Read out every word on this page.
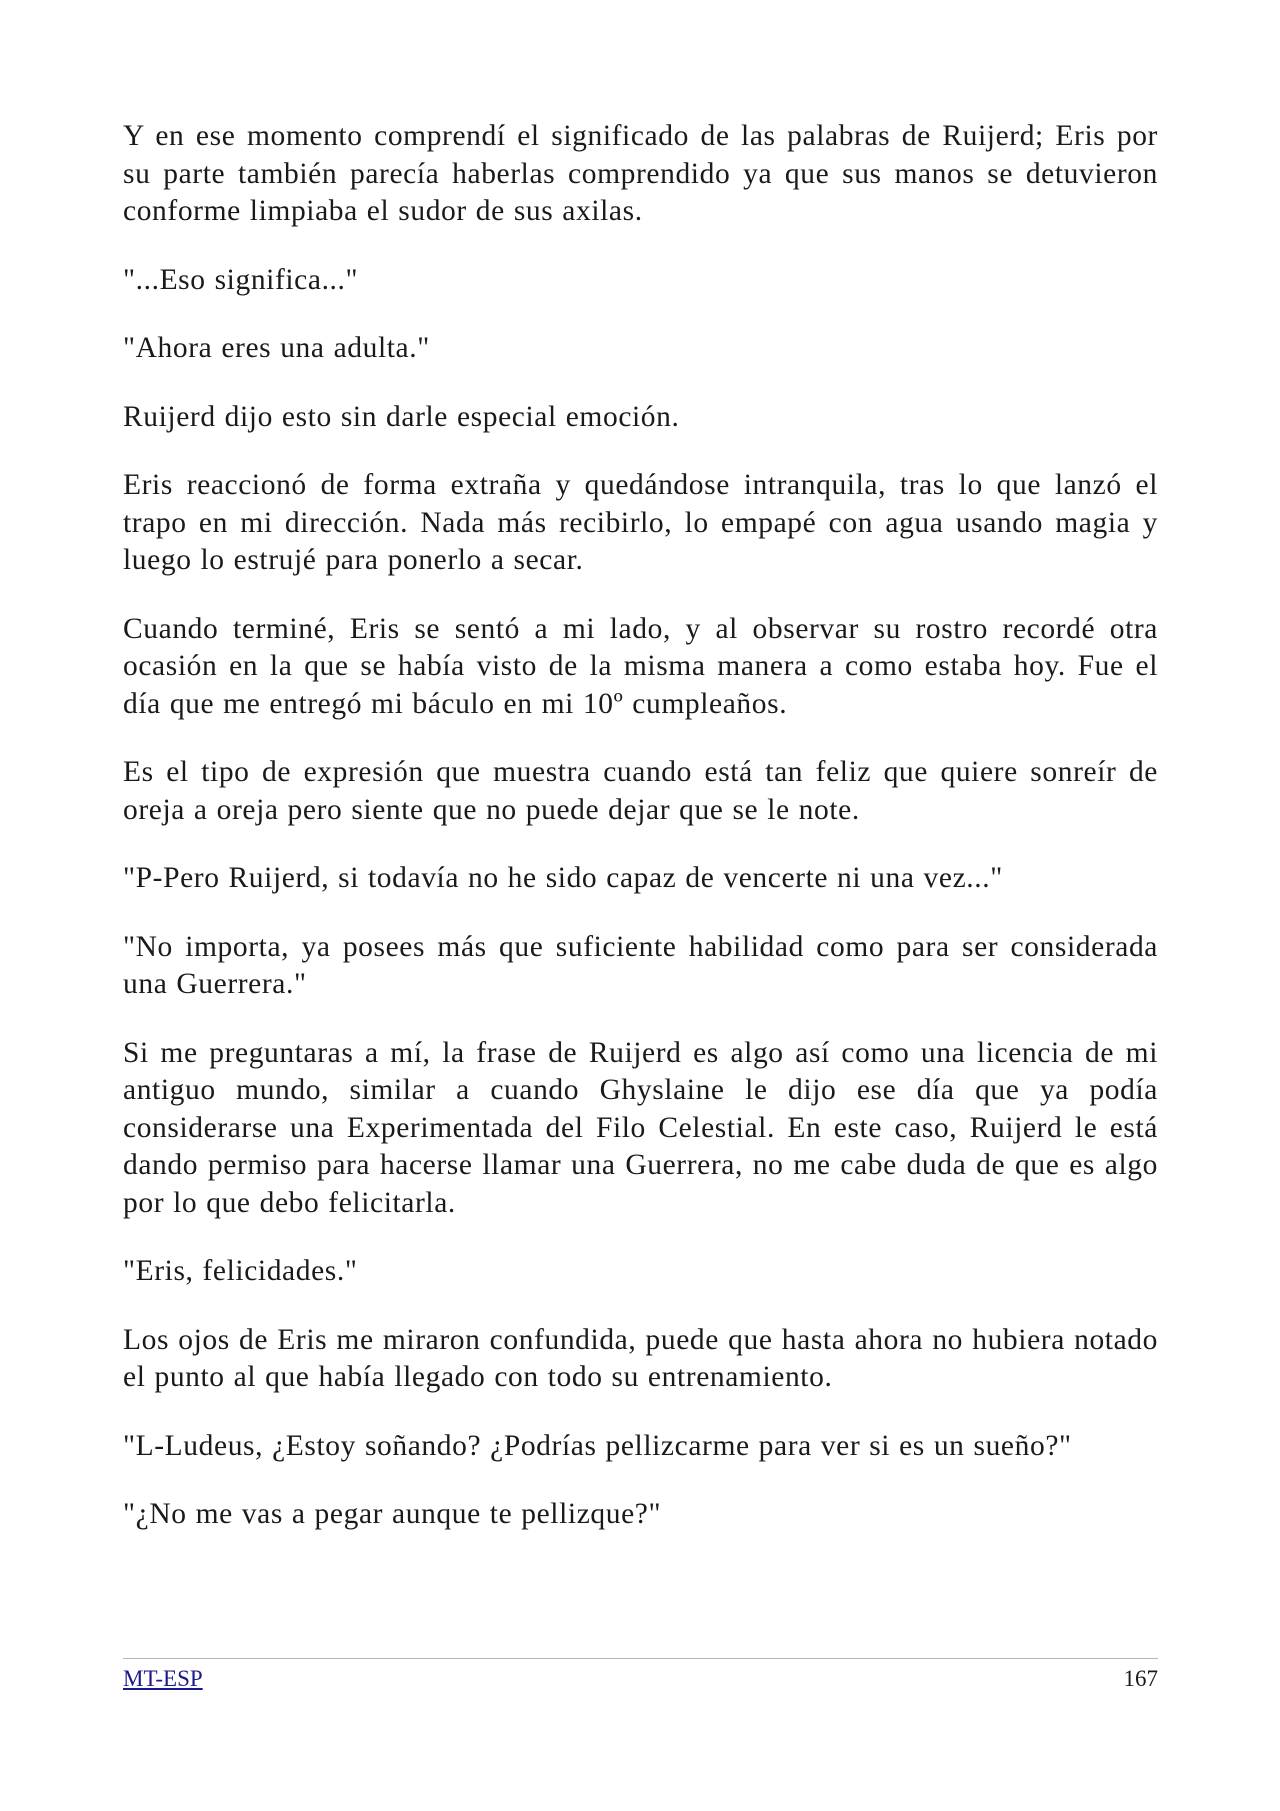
Y en ese momento comprendí el significado de las palabras de Ruijerd; Eris por su parte también parecía haberlas comprendido ya que sus manos se detuvieron conforme limpiaba el sudor de sus axilas.

"...Eso significa..."

"Ahora eres una adulta."

Ruijerd dijo esto sin darle especial emoción.

Eris reaccionó de forma extraña y quedándose intranquila, tras lo que lanzó el trapo en mi dirección. Nada más recibirlo, lo empapé con agua usando magia y luego lo estrujé para ponerlo a secar.

Cuando terminé, Eris se sentó a mi lado, y al observar su rostro recordé otra ocasión en la que se había visto de la misma manera a como estaba hoy. Fue el día que me entregó mi báculo en mi 10º cumpleaños.

Es el tipo de expresión que muestra cuando está tan feliz que quiere sonreír de oreja a oreja pero siente que no puede dejar que se le note.

"P-Pero Ruijerd, si todavía no he sido capaz de vencerte ni una vez..."

"No importa, ya posees más que suficiente habilidad como para ser considerada una Guerrera."

Si me preguntaras a mí, la frase de Ruijerd es algo así como una licencia de mi antiguo mundo, similar a cuando Ghyslaine le dijo ese día que ya podía considerarse una Experimentada del Filo Celestial. En este caso, Ruijerd le está dando permiso para hacerse llamar una Guerrera, no me cabe duda de que es algo por lo que debo felicitarla.

"Eris, felicidades."

Los ojos de Eris me miraron confundida, puede que hasta ahora no hubiera notado el punto al que había llegado con todo su entrenamiento.

"L-Ludeus, ¿Estoy soñando? ¿Podrías pellizcarme para ver si es un sueño?"

"¿No me vas a pegar aunque te pellizque?"

MT-ESP	167
